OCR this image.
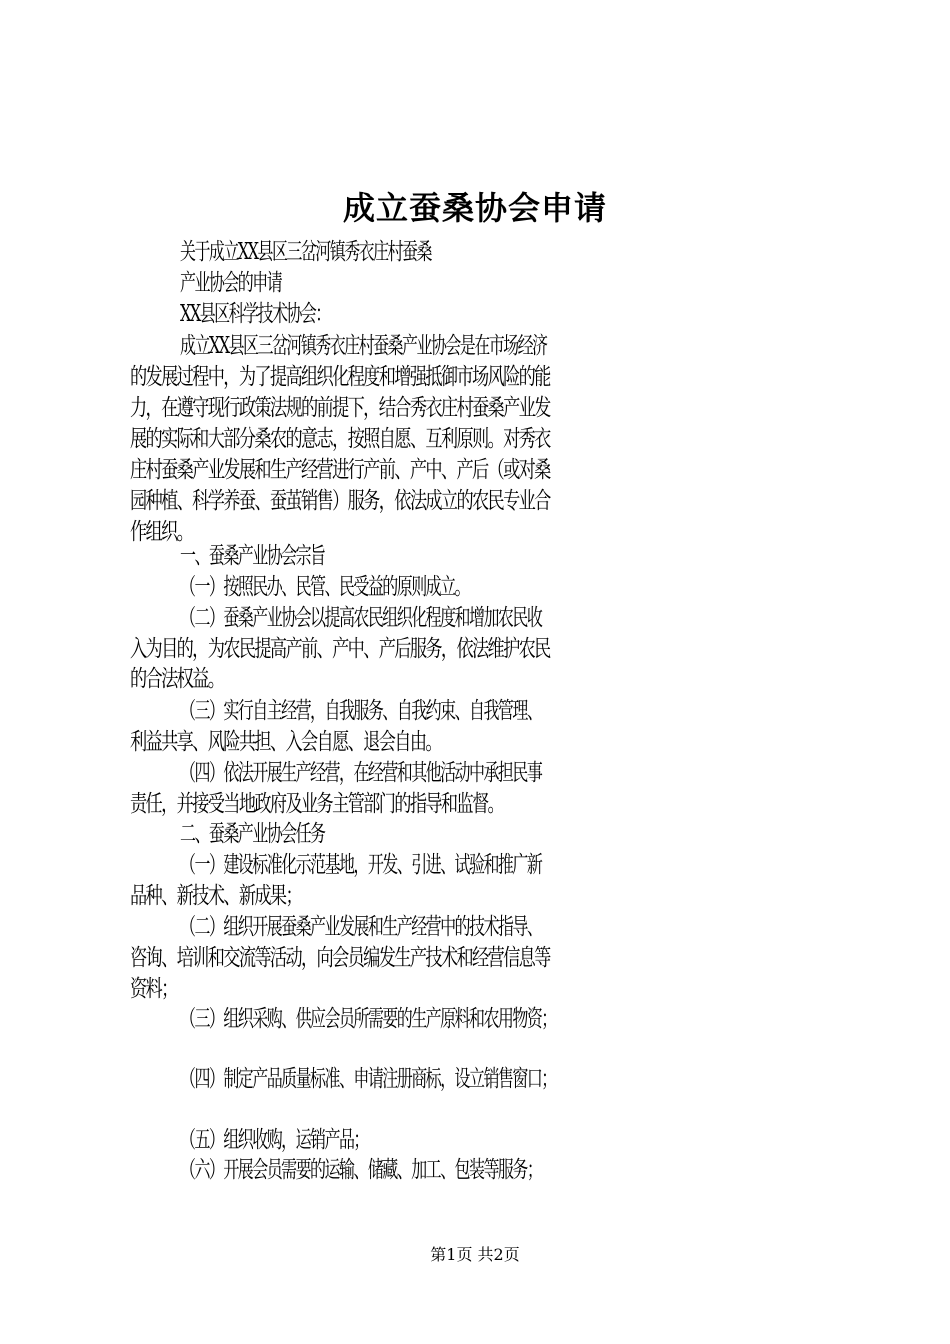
成立蚕桑协会申请
关于成立XX县区三岔河镇秀衣庄村蚕桑
产业协会的申请
XX县区科学技术协会：
成立XX县区三岔河镇秀衣庄村蚕桑产业协会是在市场经济
的发展过程中，为了提高组织化程度和增强抵御市场风险的能
力，在遵守现行政策法规的前提下，结合秀衣庄村蚕桑产业发
展的实际和大部分桑农的意志，按照自愿、互利原则。对秀衣
庄村蚕桑产业发展和生产经营进行产前、产中、产后（或对桑
园种植、科学养蚕、蚕茧销售）服务，依法成立的农民专业合
作组织。
一、蚕桑产业协会宗旨
（一）按照民办、民管、民受益的原则成立。
（二）蚕桑产业协会以提高农民组织化程度和增加农民收
入为目的，为农民提高产前、产中、产后服务，依法维护农民
的合法权益。
（三）实行自主经营，自我服务、自我约束、自我管理、
利益共享、风险共担、入会自愿、退会自由。
（四）依法开展生产经营，在经营和其他活动中承担民事
责任，并接受当地政府及业务主管部门的指导和监督。
二、蚕桑产业协会任务
（一）建设标准化示范基地，开发、引进、试验和推广新
品种、新技术、新成果；
（二）组织开展蚕桑产业发展和生产经营中的技术指导、
咨询、培训和交流等活动，向会员编发生产技术和经营信息等
资料；
（三）组织采购、供应会员所需要的生产原料和农用物资；
（四）制定产品质量标准、申请注册商标，设立销售窗口；
（五）组织收购，运销产品；
（六）开展会员需要的运输、储藏、加工、包装等服务；
第1页 共2页
